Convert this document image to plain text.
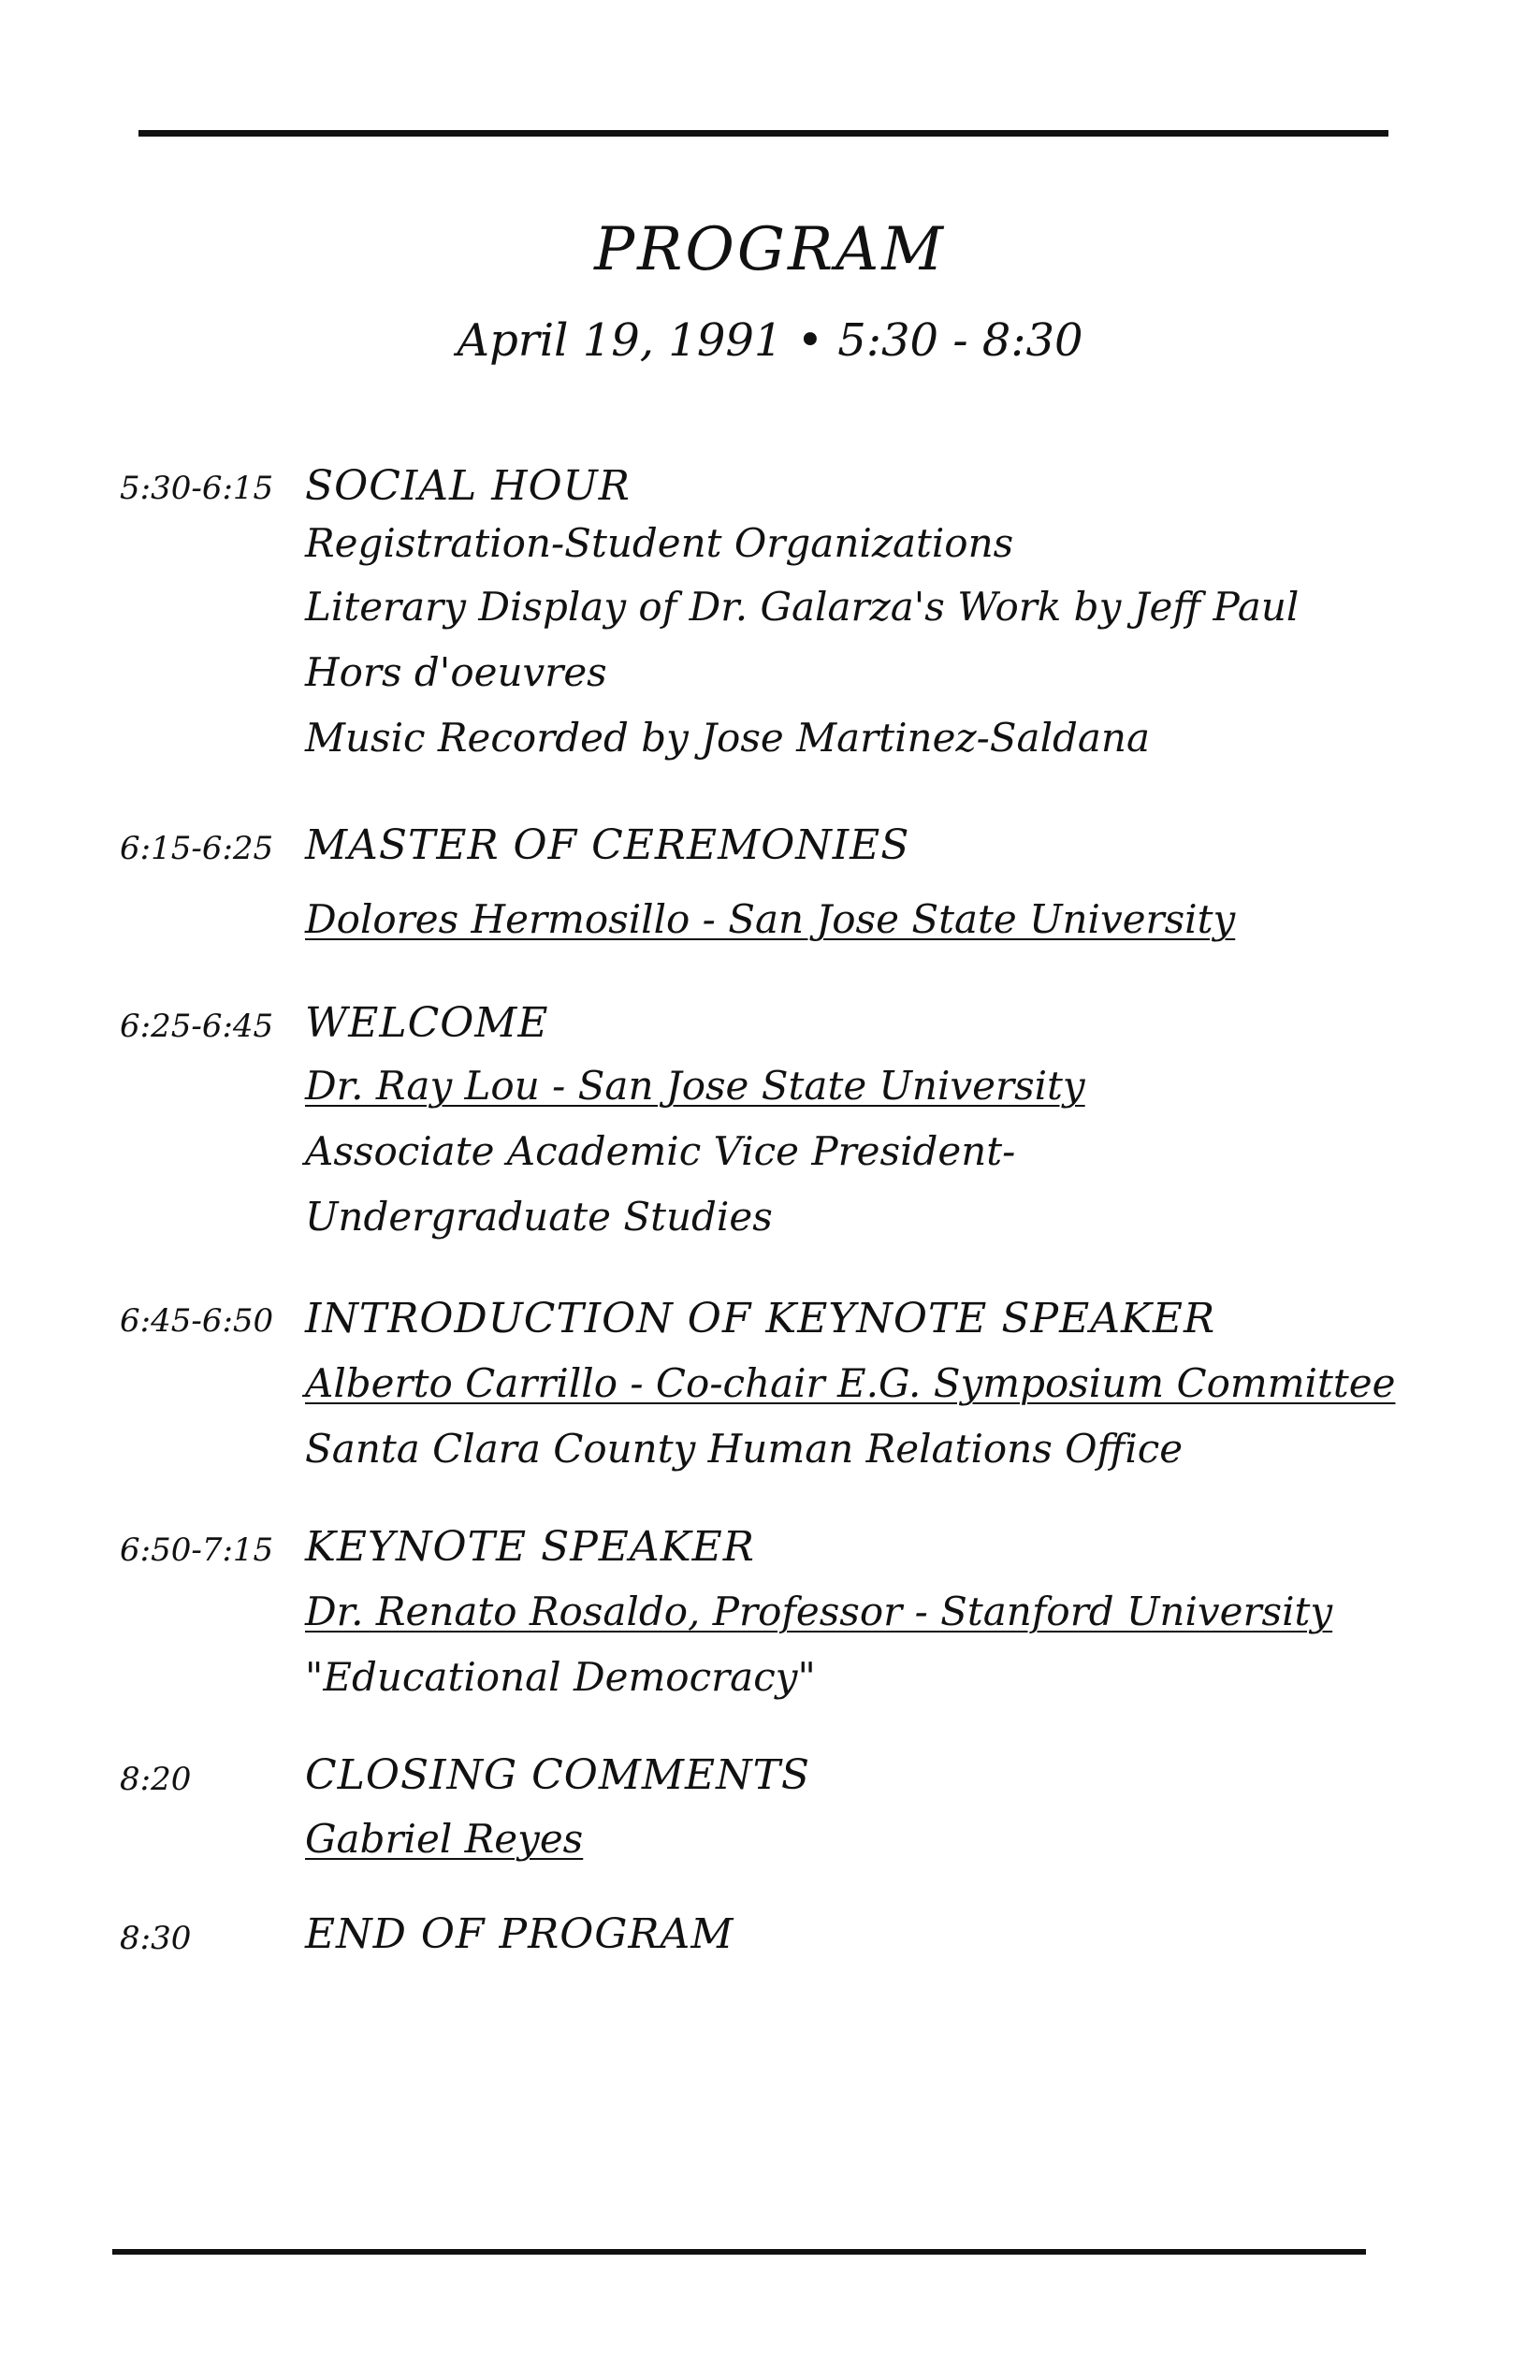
PROGRAM
April 19, 1991 • 5:30 - 8:30
5:30-6:15 SOCIAL HOUR
Registration-Student Organizations
Literary Display of Dr. Galarza's Work by Jeff Paul
Hors d'oeuvres
Music Recorded by Jose Martinez-Saldana
6:15-6:25 MASTER OF CEREMONIES
Dolores Hermosillo - San Jose State University
6:25-6:45 WELCOME
Dr. Ray Lou - San Jose State University
Associate Academic Vice President-
Undergraduate Studies
6:45-6:50 INTRODUCTION OF KEYNOTE SPEAKER
Alberto Carrillo - Co-chair E.G. Symposium Committee
Santa Clara County Human Relations Office
6:50-7:15 KEYNOTE SPEAKER
Dr. Renato Rosaldo, Professor - Stanford University
"Educational Democracy"
8:20	CLOSING COMMENTS
Gabriel Reyes
8:30	END OF PROGRAM
